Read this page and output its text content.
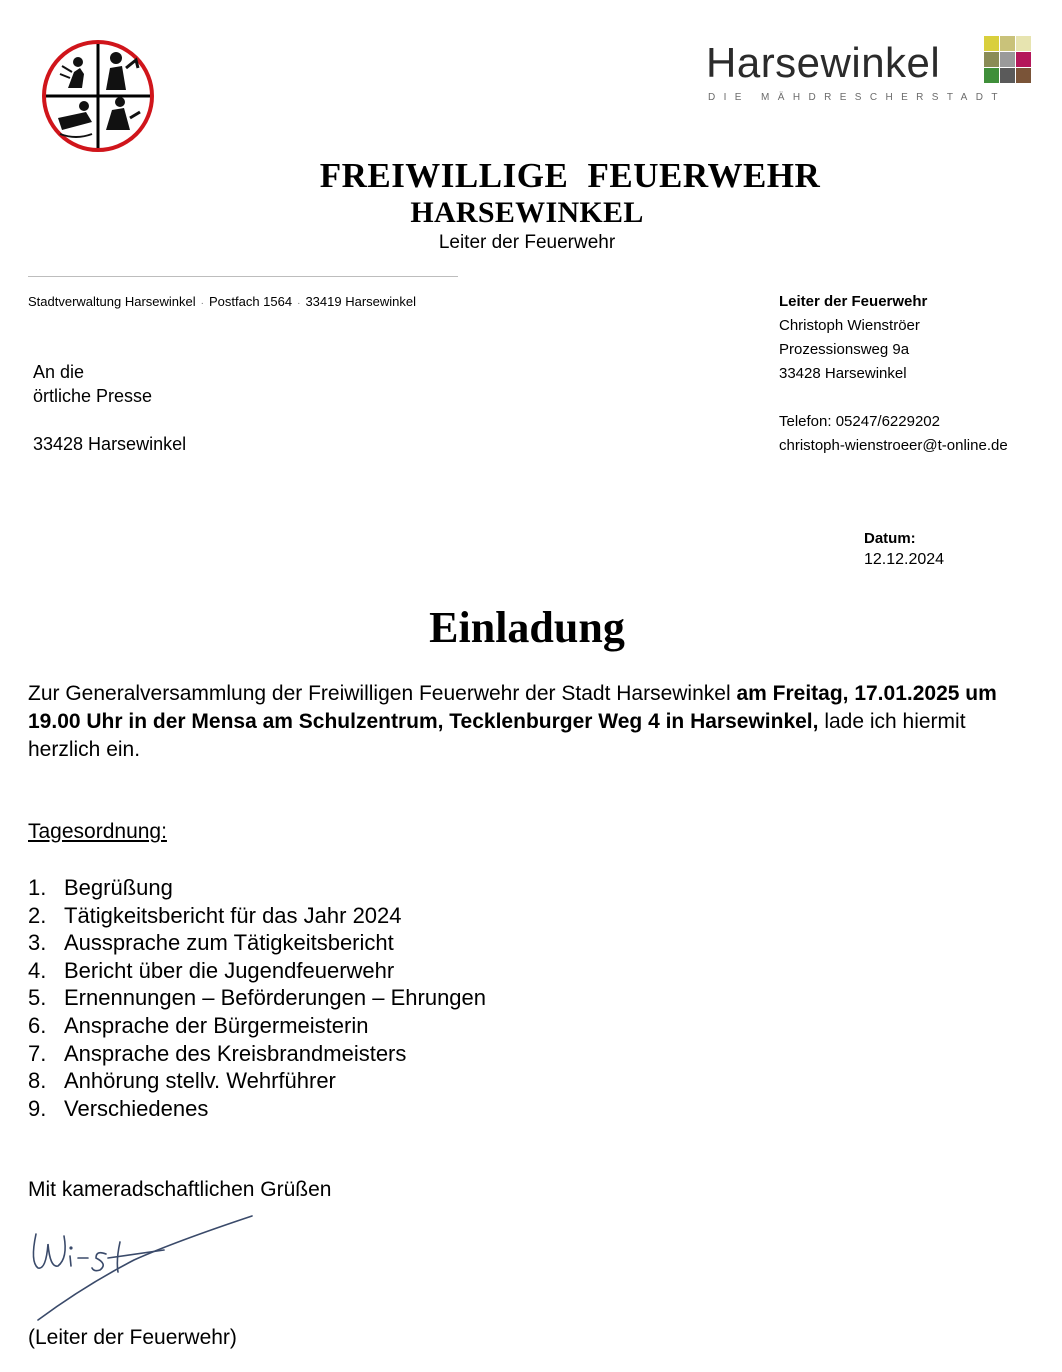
Harsewinkel
DIE MÄHDRESCHERSTADT
FREIWILLIGE FEUERWEHR
HARSEWINKEL
Leiter der Feuerwehr
Stadtverwaltung Harsewinkel · Postfach 1564 · 33419 Harsewinkel
An die
örtliche Presse
33428 Harsewinkel
Leiter der Feuerwehr
Christoph Wienströer
Prozessionsweg 9a
33428 Harsewinkel
Telefon: 05247/6229202
christoph-wienstroeer@t-online.de
Datum:
12.12.2024
Einladung
Zur Generalversammlung der Freiwilligen Feuerwehr der Stadt Harsewinkel am Freitag, 17.01.2025 um 19.00 Uhr in der Mensa am Schulzentrum, Tecklenburger Weg 4 in Harsewinkel, lade ich hiermit herzlich ein.
Tagesordnung:
1. Begrüßung
2. Tätigkeitsbericht für das Jahr 2024
3. Aussprache zum Tätigkeitsbericht
4. Bericht über die Jugendfeuerwehr
5. Ernennungen – Beförderungen – Ehrungen
6. Ansprache der Bürgermeisterin
7. Ansprache des Kreisbrandmeisters
8. Anhörung stellv. Wehrführer
9. Verschiedenes
Mit kameradschaftlichen Grüßen
(Leiter der Feuerwehr)
